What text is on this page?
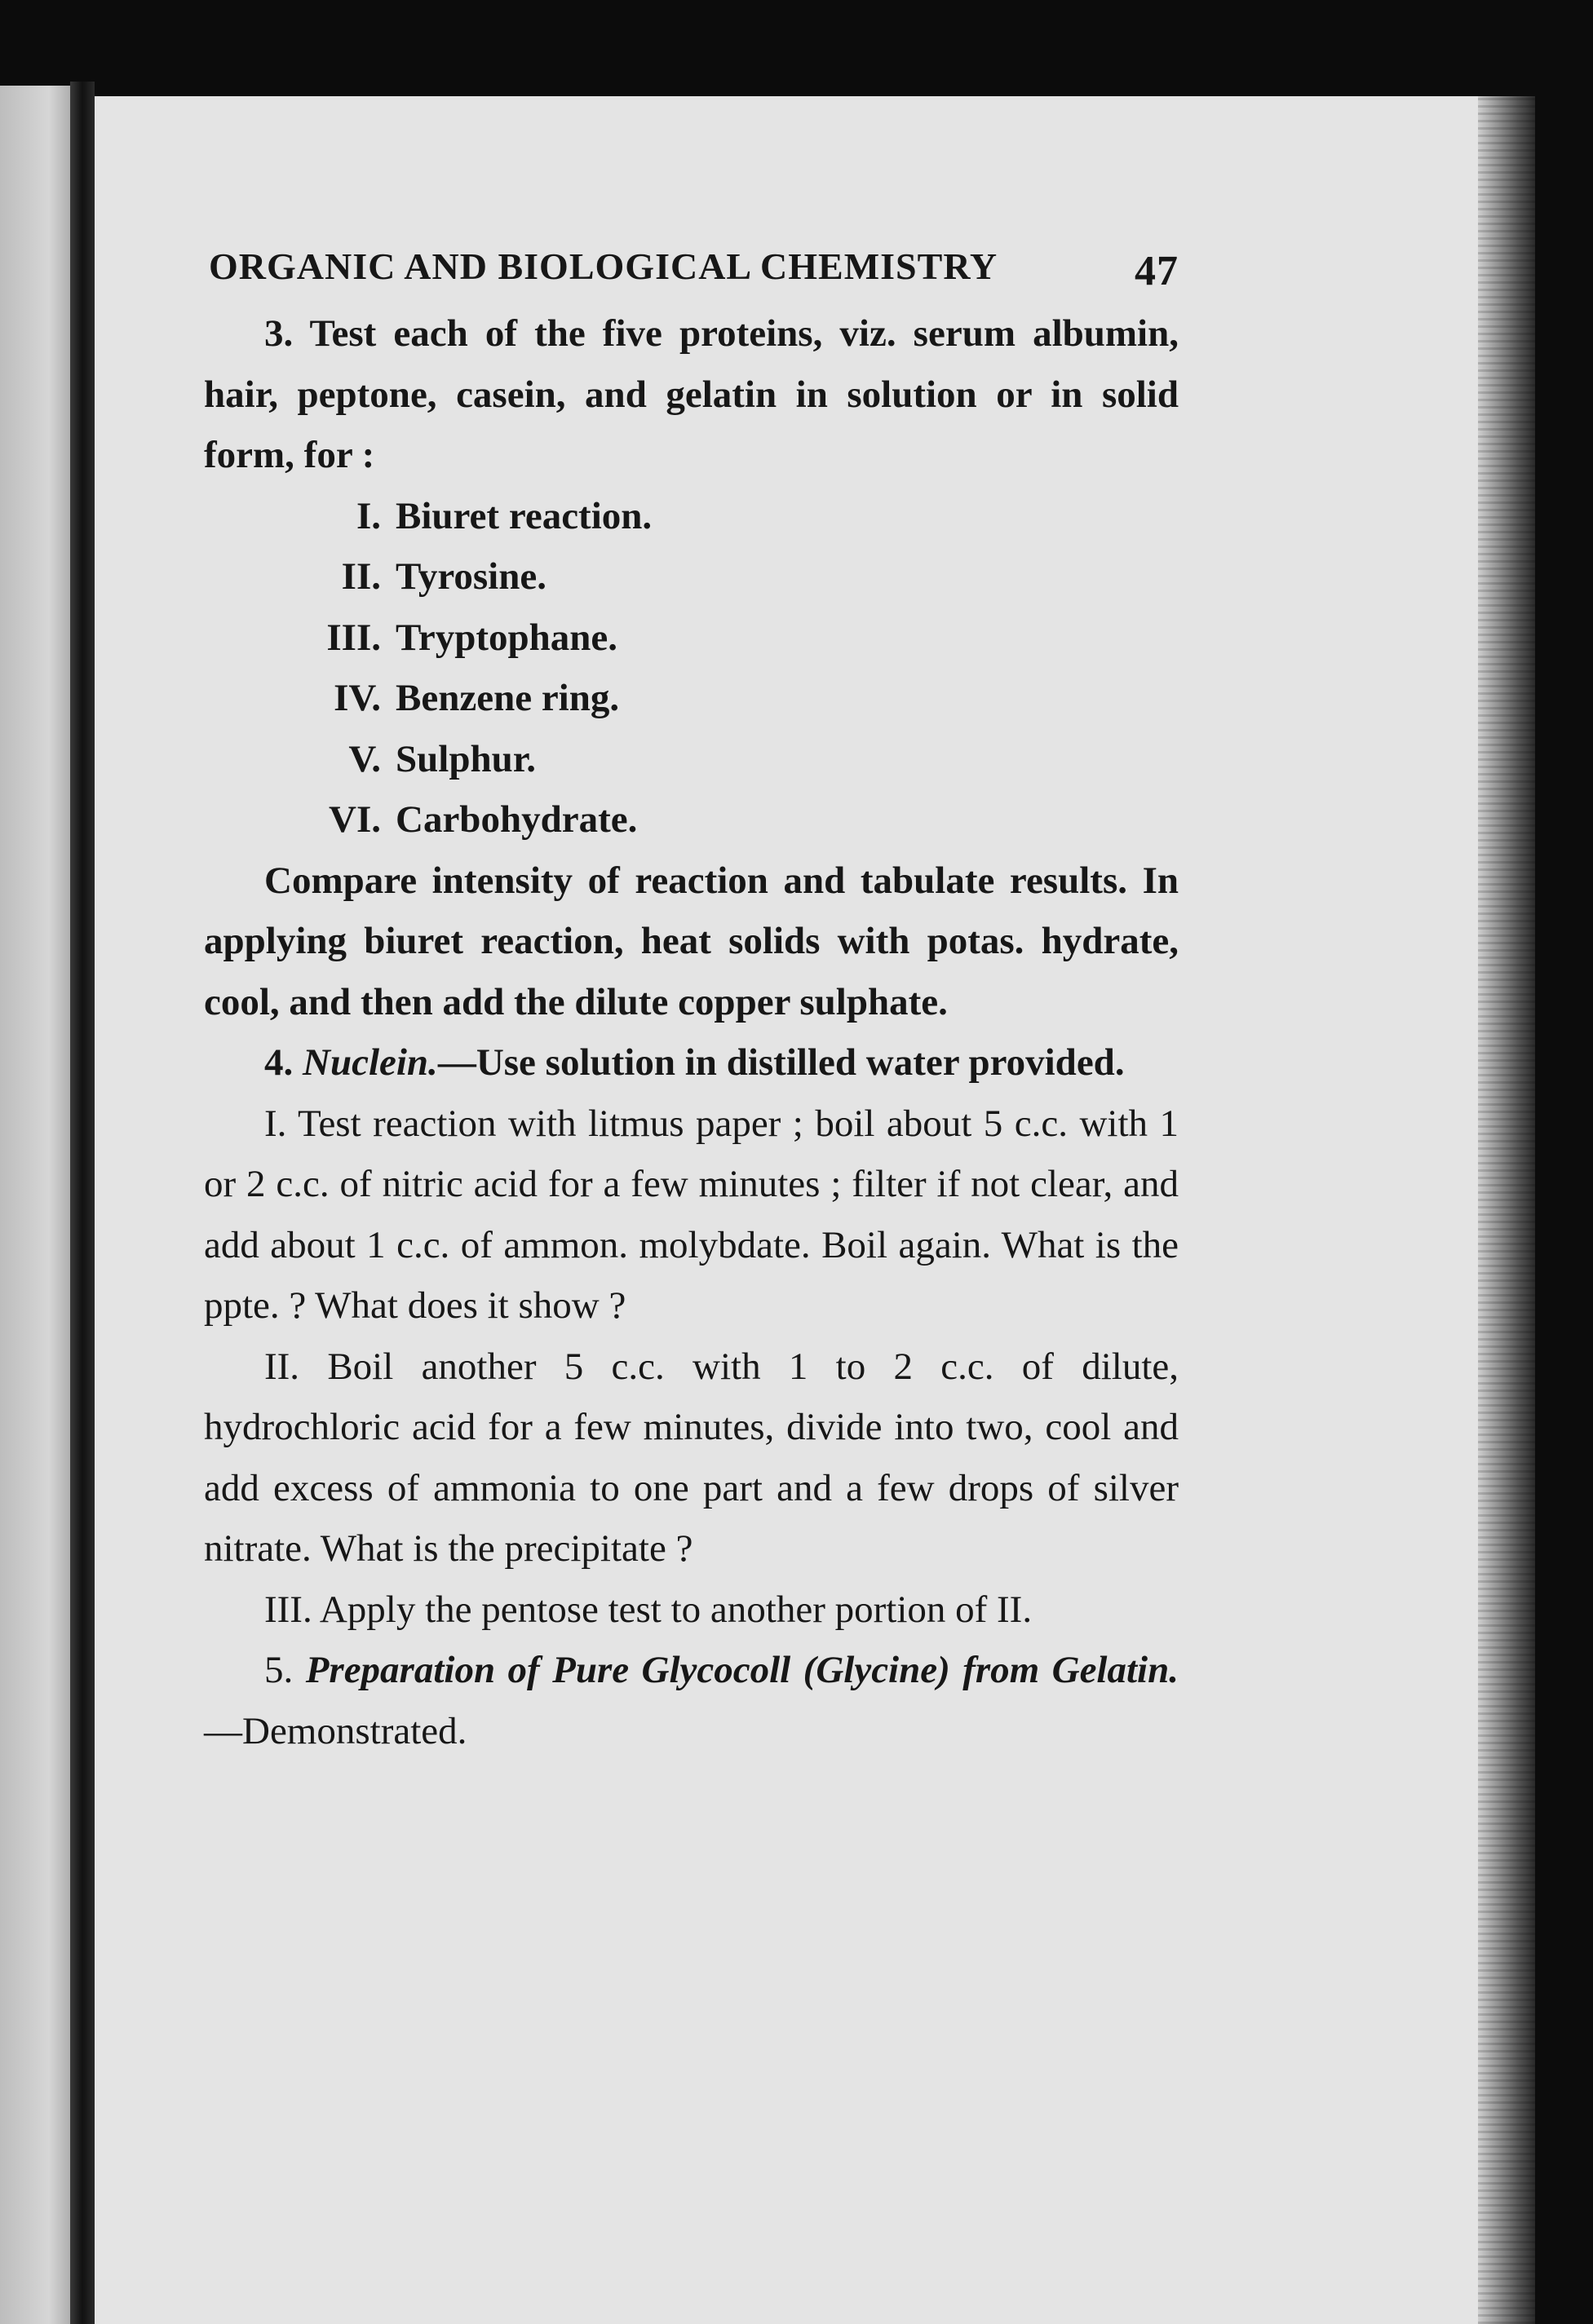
ORGANIC AND BIOLOGICAL CHEMISTRY	47

3. Test each of the five proteins, viz. serum albumin, hair, peptone, casein, and gelatin in solution or in solid form, for :

I. Biuret reaction.
II. Tyrosine.
III. Tryptophane.
IV. Benzene ring.
V. Sulphur.
VI. Carbohydrate.

Compare intensity of reaction and tabulate results. In applying biuret reaction, heat solids with potas. hydrate, cool, and then add the dilute copper sulphate.

4. Nuclein.—Use solution in distilled water provided.

I. Test reaction with litmus paper ; boil about 5 c.c. with 1 or 2 c.c. of nitric acid for a few minutes ; filter if not clear, and add about 1 c.c. of ammon. molybdate. Boil again. What is the ppte. ? What does it show ?

II. Boil another 5 c.c. with 1 to 2 c.c. of dilute, hydrochloric acid for a few minutes, divide into two, cool and add excess of ammonia to one part and a few drops of silver nitrate. What is the precipitate ?

III. Apply the pentose test to another portion of II.

5. Preparation of Pure Glycocoll (Glycine) from Gelatin.—Demonstrated.
